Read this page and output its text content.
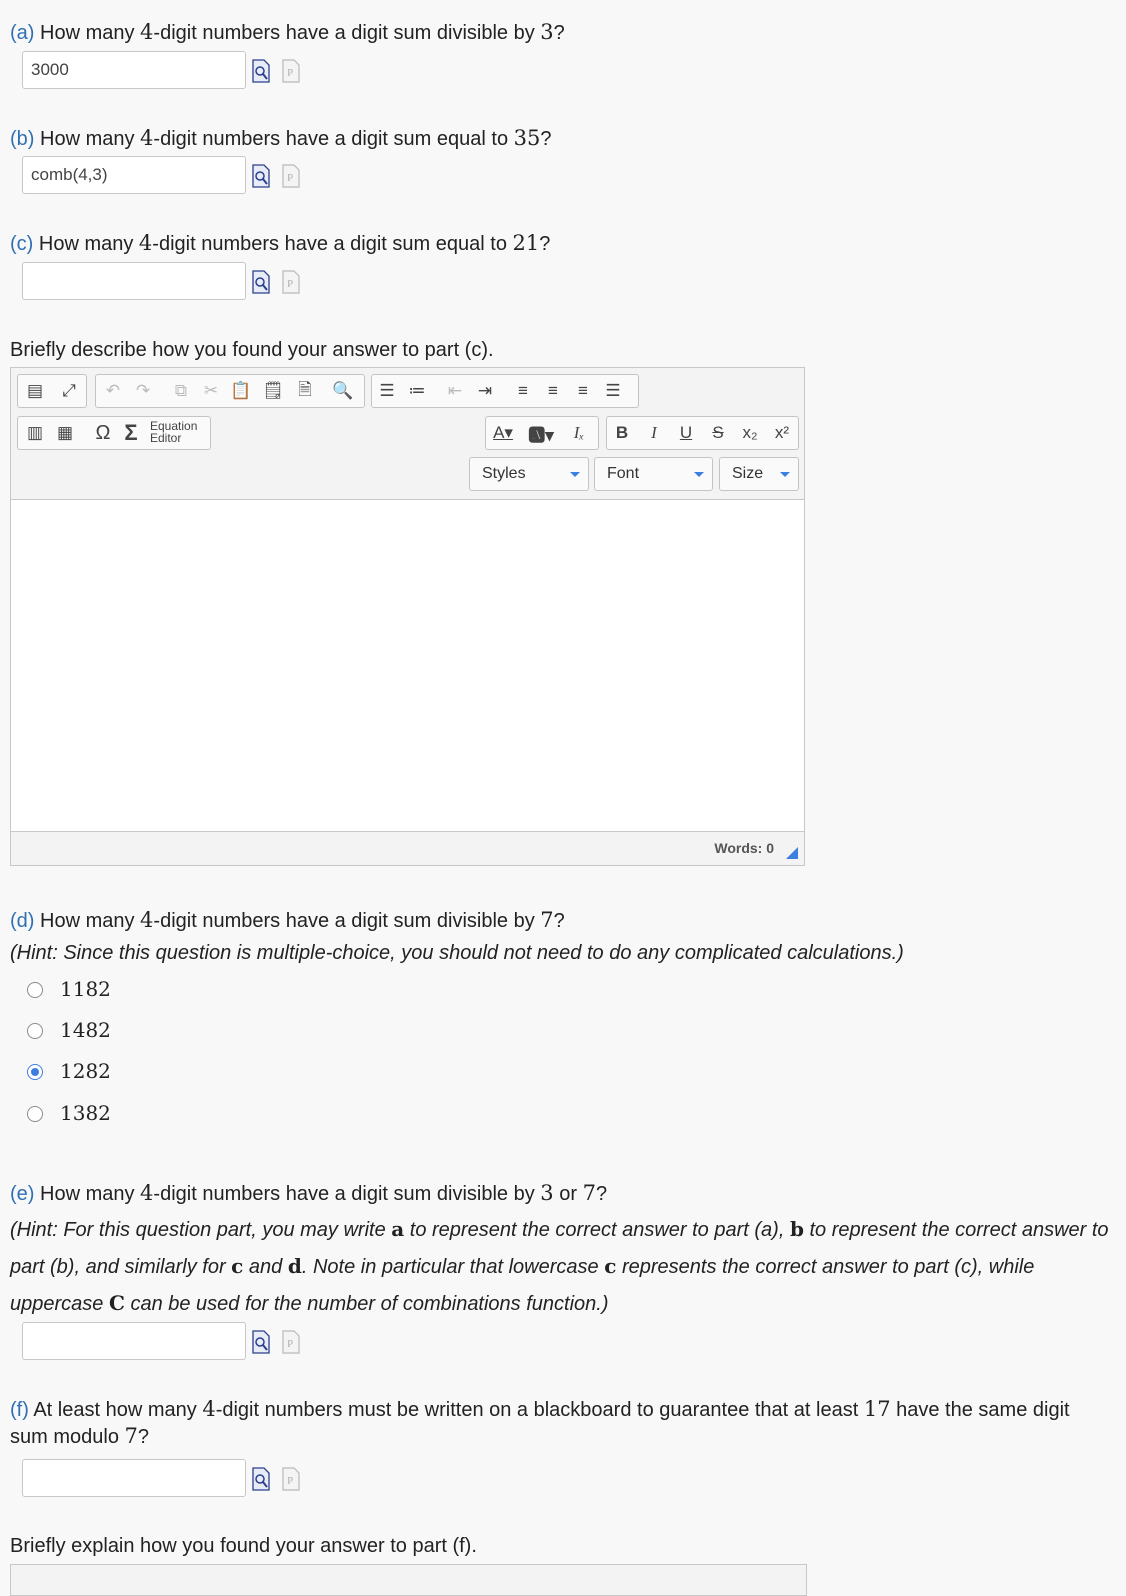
(a) How many 4-digit numbers have a digit sum divisible by 3?
3000
(b) How many 4-digit numbers have a digit sum equal to 35?
comb(4,3)
(c) How many 4-digit numbers have a digit sum equal to 21?
Briefly describe how you found your answer to part (c).
▤	⤢	↶ ↷	⧉ ✂ 📋 🗒 🗎	🔍	☰ ≔	⇤ ⇥	≡	≡	≡	☰
▥ ▦	Ω Σ	Equation
Editor	A▾ 🅰▾	Iₓ	B	I	U	S	x₂	x²
Words: 0
Styles	Font	Size
(d) How many 4-digit numbers have a digit sum divisible by 7?
(Hint: Since this question is multiple-choice, you should not need to do any complicated calculations.)
1182
1482
1282
1382
(e) How many 4-digit numbers have a digit sum divisible by 3 or 7?
(Hint: For this question part, you may write a to represent the correct answer to part (a), b to represent the correct answer to part (b), and similarly for c and d. Note in particular that lowercase c represents the correct answer to part (c), while uppercase C can be used for the number of combinations function.)
(f) At least how many 4-digit numbers must be written on a blackboard to guarantee that at least 17 have the same digit sum modulo 7?
Briefly explain how you found your answer to part (f).
